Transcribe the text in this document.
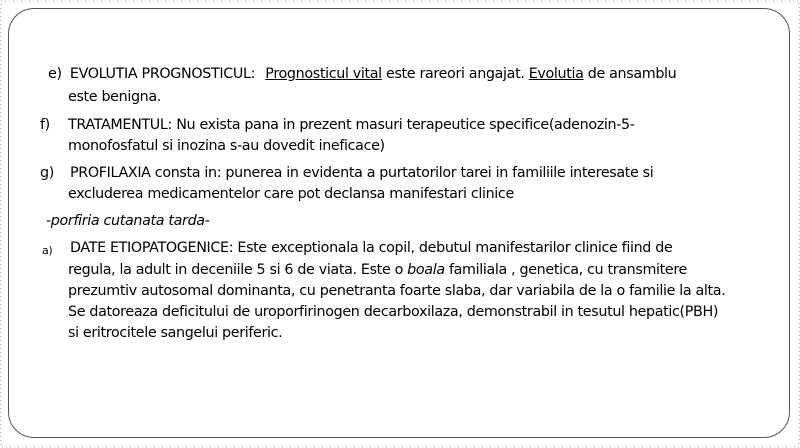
e) EVOLUTIA PROGNOSTICUL: Prognosticul vital este rareori angajat. Evolutia de ansamblu
este benigna.
f) TRATAMENTUL: Nu exista pana in prezent masuri terapeutice specifice(adenozin-5-
monofosfatul si inozina s-au dovedit ineficace)
g) PROFILAXIA consta in: punerea in evidenta a purtatorilor tarei in familiile interesate si
excluderea medicamentelor care pot declansa manifestari clinice
-porfiria cutanata tarda-
a) DATE ETIOPATOGENICE: Este exceptionala la copil, debutul manifestarilor clinice fiind de
regula, la adult in deceniile 5 si 6 de viata. Este o boala familiala , genetica, cu transmitere
prezumtiv autosomal dominanta, cu penetranta foarte slaba, dar variabila de la o familie la alta.
Se datoreaza deficitului de uroporfirinogen decarboxilaza, demonstrabil in tesutul hepatic(PBH)
si eritrocitele sangelui periferic.
